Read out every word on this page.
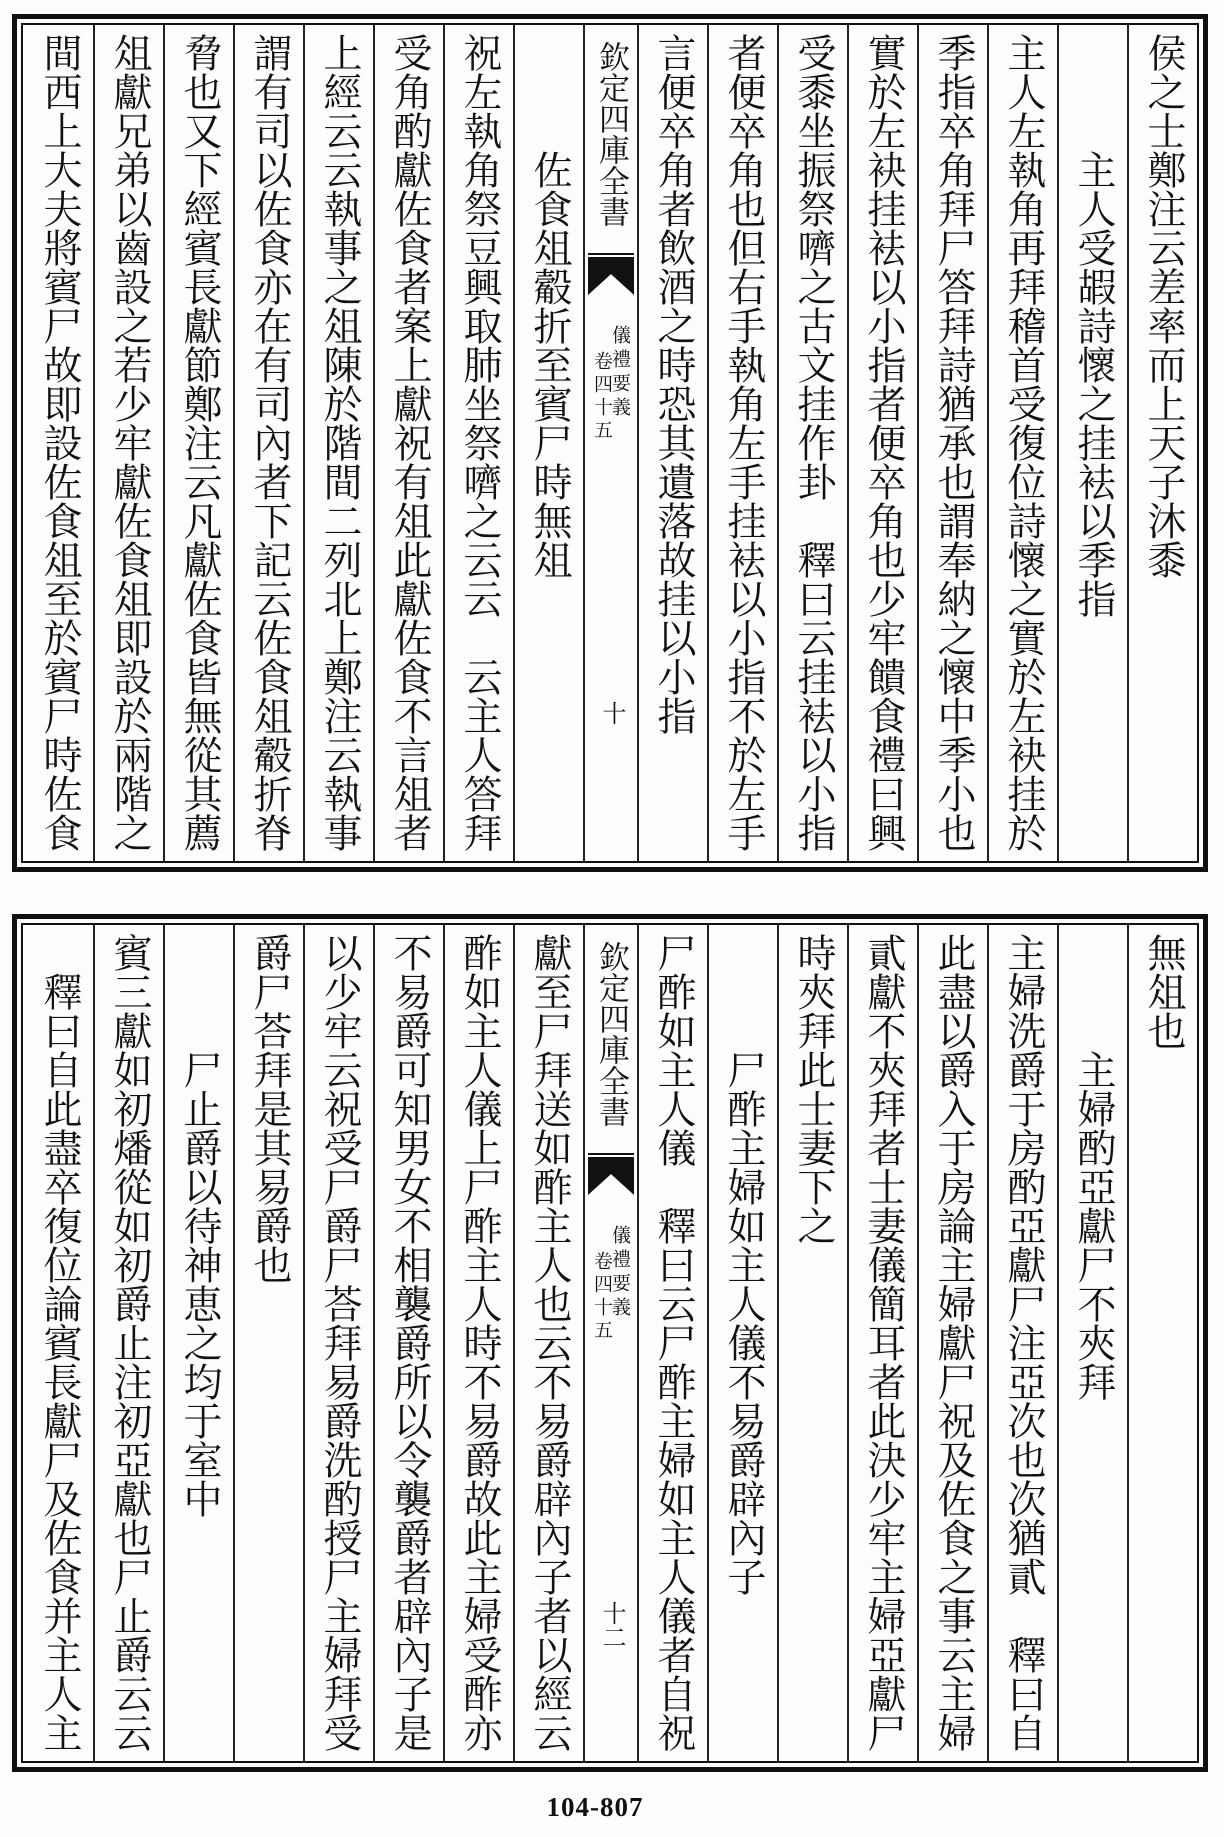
侯之士鄭注云差率而上天子沐黍
主人受嘏詩懷之挂袪以季指
主人左執角再拜稽首受復位詩懷之實於左袂挂於
季指卒角拜尸答拜詩猶承也謂奉納之懷中季小也
實於左袂挂袪以小指者便卒角也少牢饋食禮曰興
受黍坐振祭嚌之古文挂作卦　釋曰云挂袪以小指
者便卒角也但右手執角左手挂袪以小指不於左手
言便卒角者飲酒之時恐其遺落故挂以小指
欽定四庫全書
儀禮要義
卷四十五
十
佐食俎觳折至賓尸時無俎
祝左執角祭豆興取肺坐祭嚌之云云　云主人答拜
受角酌獻佐食者案上獻祝有俎此獻佐食不言俎者
上經云云執事之俎陳於階間二列北上鄭注云執事
謂有司以佐食亦在有司內者下記云佐食俎觳折脊
脅也又下經賓長獻節鄭注云凡獻佐食皆無從其薦
俎獻兄弟以齒設之若少牢獻佐食俎即設於兩階之
間西上大夫將賓尸故即設佐食俎至於賓尸時佐食
無俎也
主婦酌亞獻尸不夾拜
主婦洗爵于房酌亞獻尸注亞次也次猶貳　釋曰自
此盡以爵入于房論主婦獻尸祝及佐食之事云主婦
貳獻不夾拜者士妻儀簡耳者此決少牢主婦亞獻尸
時夾拜此士妻下之
尸酢主婦如主人儀不易爵辟內子
尸酢如主人儀　釋曰云尸酢主婦如主人儀者自祝
欽定四庫全書
儀禮要義
卷四十五
十二
獻至尸拜送如酢主人也云不易爵辟內子者以經云
酢如主人儀上尸酢主人時不易爵故此主婦受酢亦
不易爵可知男女不相襲爵所以令襲爵者辟內子是
以少牢云祝受尸爵尸荅拜易爵洗酌授尸主婦拜受
爵尸荅拜是其易爵也
尸止爵以待神恵之均于室中
賓三獻如初燔從如初爵止注初亞獻也尸止爵云云
釋曰自此盡卒復位論賓長獻尸及佐食并主人主
104-807
